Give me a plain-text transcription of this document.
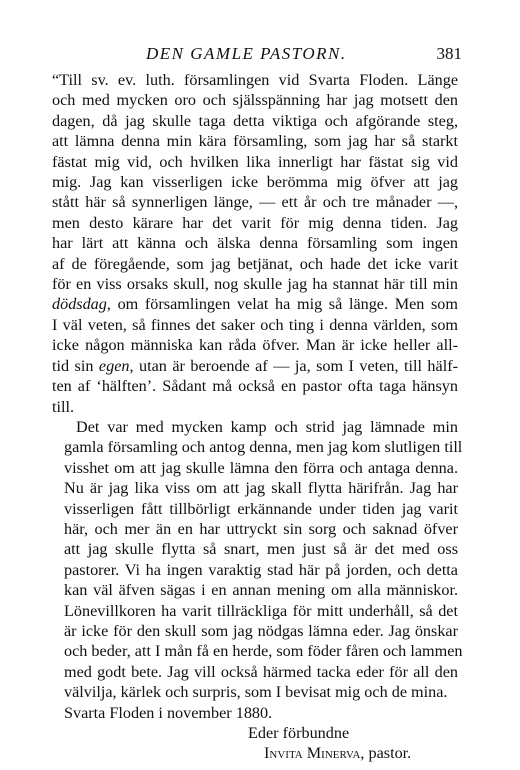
DEN GAMLE PASTORN.	381
“Till sv. ev. luth. församlingen vid Svarta Floden. Länge
och med mycken oro och själsspänning har jag motsett den
dagen, då jag skulle taga detta viktiga och afgörande steg,
att lämna denna min kära församling, som jag har så starkt
fästat mig vid, och hvilken lika innerligt har fästat sig vid
mig. Jag kan visserligen icke berömma mig öfver att jag
stått här så synnerligen länge, — ett år och tre månader —,
men desto kärare har det varit för mig denna tiden. Jag
har lärt att känna och älska denna församling som ingen
af de föregående, som jag betjänat, och hade det icke varit
för en viss orsaks skull, nog skulle jag ha stannat här till min
dödsdag, om församlingen velat ha mig så länge. Men som
I väl veten, så finnes det saker och ting i denna världen, som
icke någon människa kan råda öfver. Man är icke heller all-
tid sin egen, utan är beroende af — ja, som I veten, till hälf-
ten af ‘hälften’. Sådant må också en pastor ofta taga hänsyn
till.
Det var med mycken kamp och strid jag lämnade min
gamla församling och antog denna, men jag kom slutligen till
visshet om att jag skulle lämna den förra och antaga denna.
Nu är jag lika viss om att jag skall flytta härifrån. Jag har
visserligen fått tillbörligt erkännande under tiden jag varit
här, och mer än en har uttryckt sin sorg och saknad öfver
att jag skulle flytta så snart, men just så är det med oss
pastorer. Vi ha ingen varaktig stad här på jorden, och detta
kan väl äfven sägas i en annan mening om alla människor.
Lönevillkoren ha varit tillräckliga för mitt underhåll, så det
är icke för den skull som jag nödgas lämna eder. Jag önskar
och beder, att I mån få en herde, som föder fåren och lammen
med godt bete. Jag vill också härmed tacka eder för all den
välvilja, kärlek och surpris, som I bevisat mig och de mina.
Svarta Floden i november 1880.
Eder förbundne
Invita Minerva, pastor.
